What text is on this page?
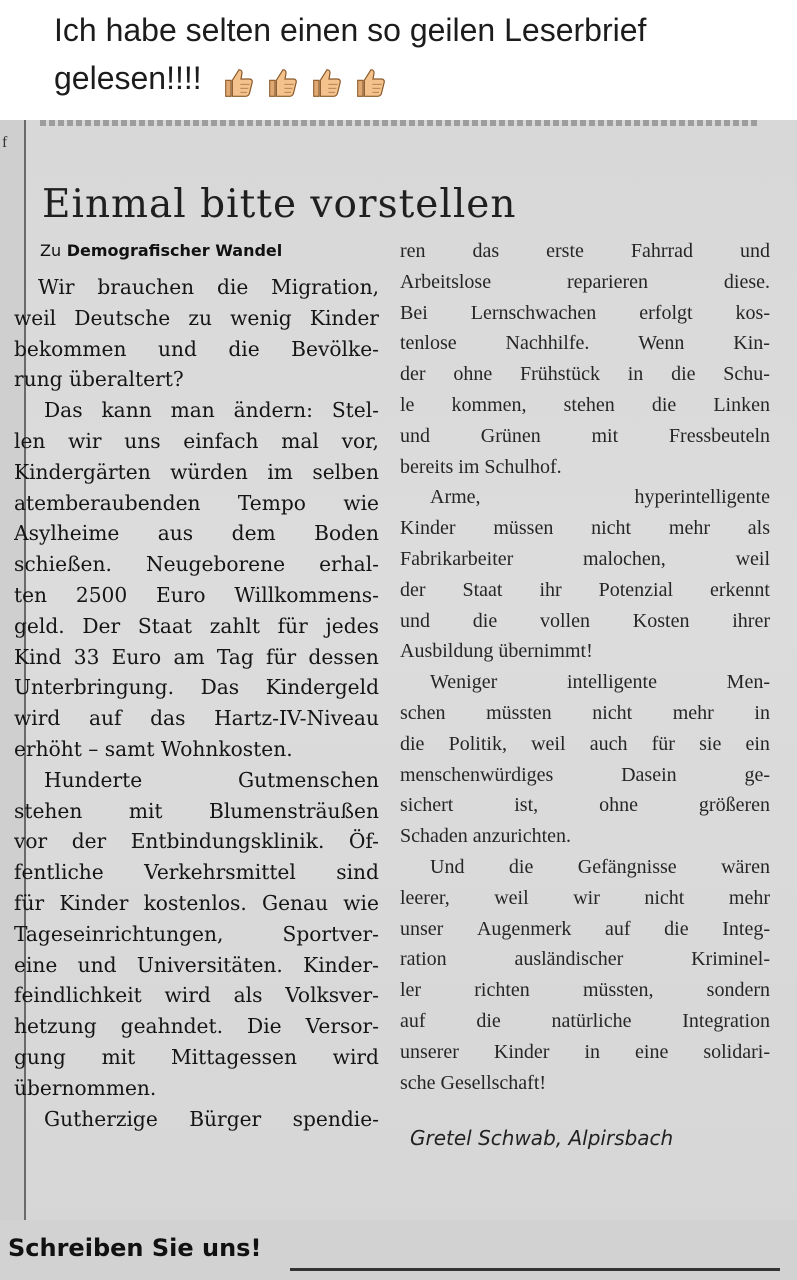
Ich habe selten einen so geilen Leserbrief
gelesen!!!!
f
Einmal bitte vorstellen
Zu Demografischer Wandel
Wir brauchen die Migration,
weil Deutsche zu wenig Kinder
bekommen und die Bevölke-
rung überaltert?
Das kann man ändern: Stel-
len wir uns einfach mal vor,
Kindergärten würden im selben
atemberaubenden Tempo wie
Asylheime aus dem Boden
schießen. Neugeborene erhal-
ten 2500 Euro Willkommens-
geld. Der Staat zahlt für jedes
Kind 33 Euro am Tag für dessen
Unterbringung. Das Kindergeld
wird auf das Hartz-IV-Niveau
erhöht – samt Wohnkosten.
Hunderte	Gutmenschen
stehen mit Blumensträußen
vor der Entbindungsklinik. Öf-
fentliche Verkehrsmittel sind
für Kinder kostenlos. Genau wie
Tageseinrichtungen,	Sportver-
eine und Universitäten. Kinder-
feindlichkeit wird als Volksver-
hetzung geahndet. Die Versor-
gung mit Mittagessen wird
übernommen.
Gutherzige Bürger spendie-
ren das erste Fahrrad und
Arbeitslose	reparieren	diese.
Bei Lernschwachen erfolgt kos-
tenlose Nachhilfe. Wenn Kin-
der ohne Frühstück in die Schu-
le kommen, stehen die Linken
und	Grünen	mit	Fressbeuteln
bereits im Schulhof.
Arme,	hyperintelligente
Kinder müssen nicht mehr als
Fabrikarbeiter	malochen,	weil
der Staat ihr Potenzial erkennt
und die vollen Kosten ihrer
Ausbildung übernimmt!
Weniger	intelligente	Men-
schen müssten nicht mehr in
die Politik, weil auch für sie ein
menschenwürdiges	Dasein	ge-
sichert	ist,	ohne	größeren
Schaden anzurichten.
Und die Gefängnisse wären
leerer, weil wir nicht mehr
unser Augenmerk auf die Integ-
ration	ausländischer	Kriminel-
ler	richten	müssten,	sondern
auf	die	natürliche	Integration
unserer Kinder in eine solidari-
sche Gesellschaft!
Gretel Schwab, Alpirsbach
Schreiben Sie uns!
